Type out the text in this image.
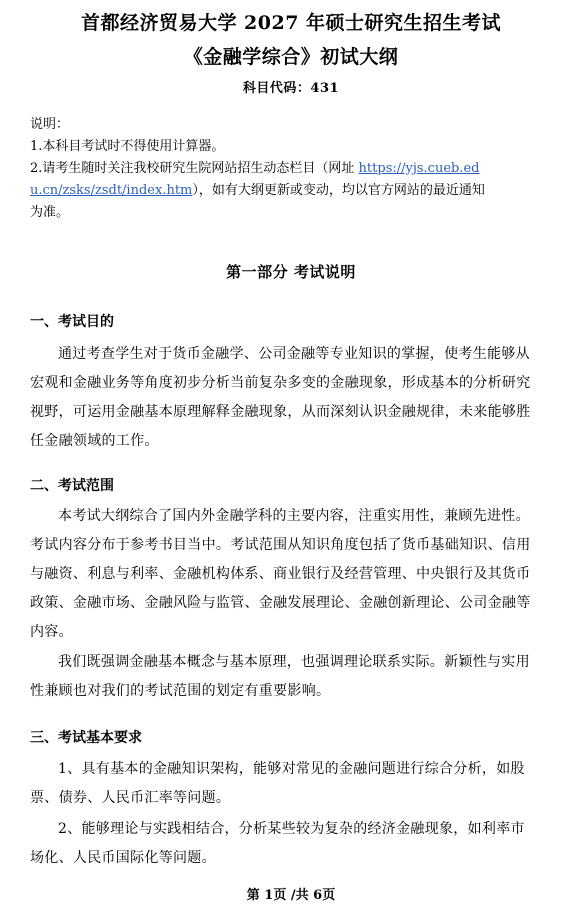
首都经济贸易大学 2027 年硕士研究生招生考试
《金融学综合》初试大纲
科目代码：431
说明：
1.本科目考试时不得使用计算器。
2.请考生随时关注我校研究生院网站招生动态栏目（网址 https://yjs.cueb.ed
u.cn/zsks/zsdt/index.htm），如有大纲更新或变动，均以官方网站的最近通知
为准。
第一部分 考试说明
一、考试目的
通过考查学生对于货币金融学、公司金融等专业知识的掌握，使考生能够从
宏观和金融业务等角度初步分析当前复杂多变的金融现象，形成基本的分析研究
视野，可运用金融基本原理解释金融现象，从而深刻认识金融规律，未来能够胜
任金融领域的工作。
二、考试范围
本考试大纲综合了国内外金融学科的主要内容，注重实用性，兼顾先进性。
考试内容分布于参考书目当中。考试范围从知识角度包括了货币基础知识、信用
与融资、利息与利率、金融机构体系、商业银行及经营管理、中央银行及其货币
政策、金融市场、金融风险与监管、金融发展理论、金融创新理论、公司金融等
内容。
我们既强调金融基本概念与基本原理，也强调理论联系实际。新颖性与实用
性兼顾也对我们的考试范围的划定有重要影响。
三、考试基本要求
1、具有基本的金融知识架构，能够对常见的金融问题进行综合分析，如股
票、债券、人民币汇率等问题。
2、能够理论与实践相结合，分析某些较为复杂的经济金融现象，如利率市
场化、人民币国际化等问题。
第 1页 /共 6页
